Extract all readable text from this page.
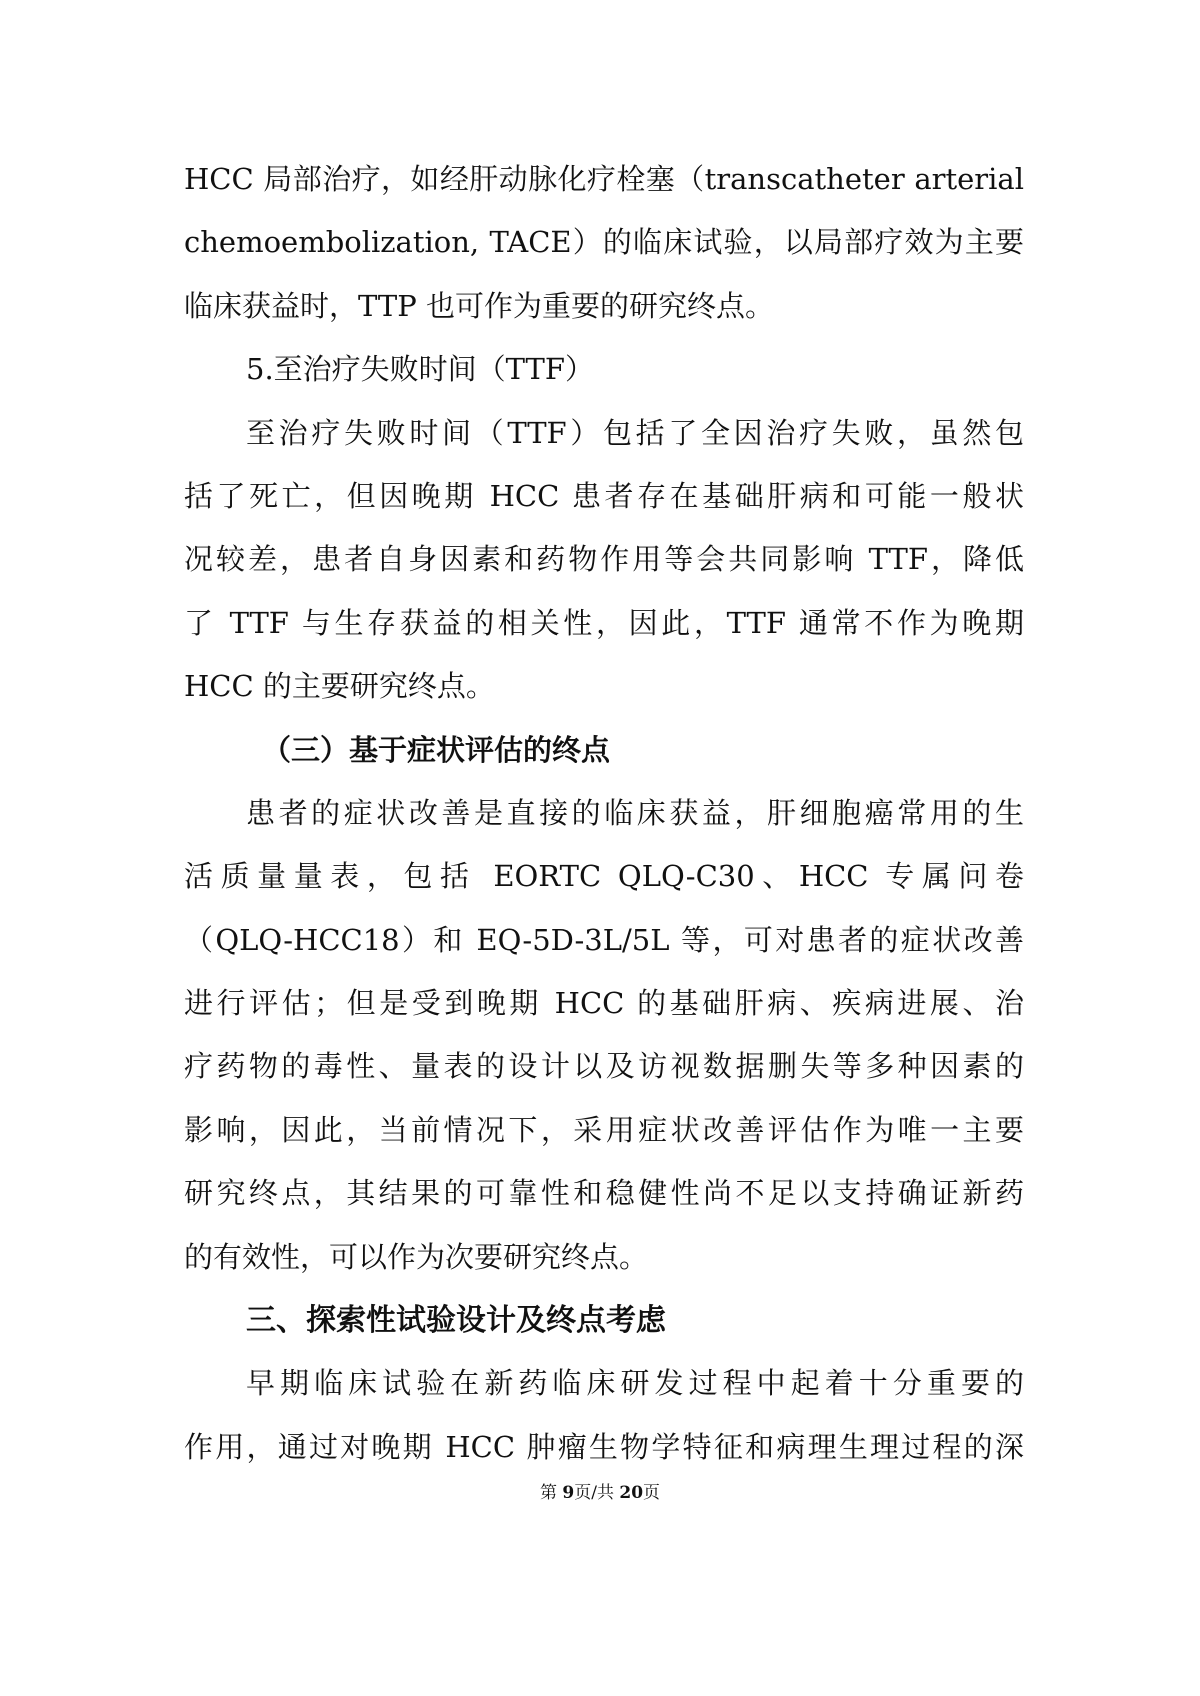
HCC 局部治疗，如经肝动脉化疗栓塞（transcatheter arterial
chemoembolization, TACE）的临床试验，以局部疗效为主要
临床获益时，TTP 也可作为重要的研究终点。
5.至治疗失败时间（TTF）
至治疗失败时间（TTF）包括了全因治疗失败，虽然包
括了死亡，但因晚期 HCC 患者存在基础肝病和可能一般状
况较差，患者自身因素和药物作用等会共同影响 TTF，降低
了 TTF 与生存获益的相关性，因此，TTF 通常不作为晚期
HCC 的主要研究终点。
（三）基于症状评估的终点
患者的症状改善是直接的临床获益，肝细胞癌常用的生
活质量量表，包括 EORTC QLQ-C30、HCC 专属问卷
（QLQ-HCC18）和 EQ-5D-3L/5L 等，可对患者的症状改善
进行评估；但是受到晚期 HCC 的基础肝病、疾病进展、治
疗药物的毒性、量表的设计以及访视数据删失等多种因素的
影响，因此，当前情况下，采用症状改善评估作为唯一主要
研究终点，其结果的可靠性和稳健性尚不足以支持确证新药
的有效性，可以作为次要研究终点。
三、探索性试验设计及终点考虑
早期临床试验在新药临床研发过程中起着十分重要的
作用，通过对晚期 HCC 肿瘤生物学特征和病理生理过程的深
第 9页/共 20页
